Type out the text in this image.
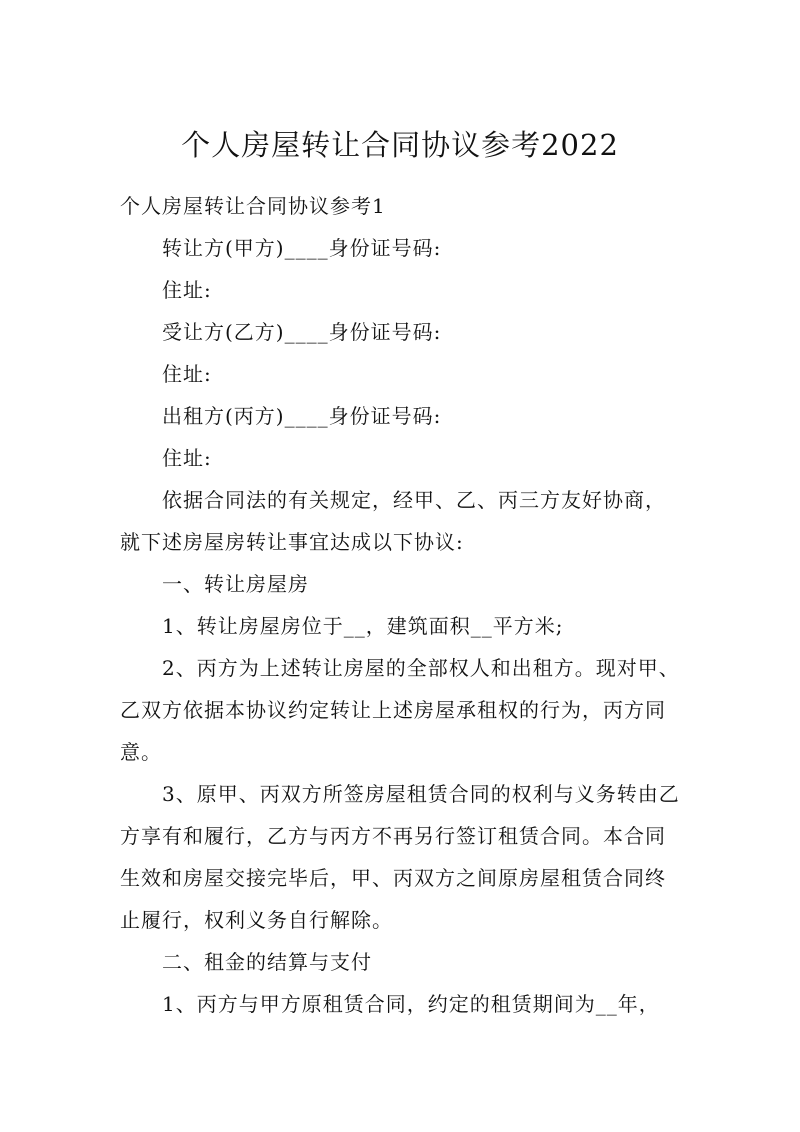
个人房屋转让合同协议参考2022

个人房屋转让合同协议参考1

转让方(甲方)____身份证号码:

住址:

受让方(乙方)____身份证号码:

住址:

出租方(丙方)____身份证号码:

住址:

依据合同法的有关规定，经甲、乙、丙三方友好协商，就下述房屋房转让事宜达成以下协议:

一、转让房屋房

1、转让房屋房位于__，建筑面积__平方米;

2、丙方为上述转让房屋的全部权人和出租方。现对甲、乙双方依据本协议约定转让上述房屋承租权的行为，丙方同意。

3、原甲、丙双方所签房屋租赁合同的权利与义务转由乙方享有和履行，乙方与丙方不再另行签订租赁合同。本合同生效和房屋交接完毕后，甲、丙双方之间原房屋租赁合同终止履行，权利义务自行解除。

二、租金的结算与支付

1、丙方与甲方原租赁合同，约定的租赁期间为__年，
